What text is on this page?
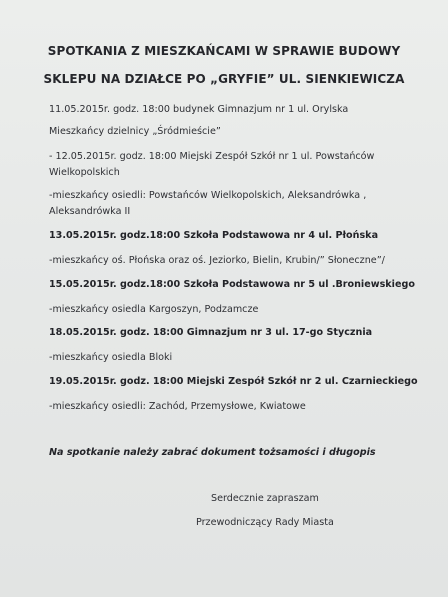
SPOTKANIA Z MIESZKAŃCAMI W SPRAWIE BUDOWY
SKLEPU NA DZIAŁCE PO „GRYFIE” UL. SIENKIEWICZA
11.05.2015r. godz. 18:00 budynek Gimnazjum nr 1 ul. Orylska
Mieszkańcy dzielnicy „Śródmieście”
- 12.05.2015r. godz. 18:00 Miejski Zespół Szkół nr 1 ul. Powstańców
Wielkopolskich
-mieszkańcy osiedli: Powstańców Wielkopolskich, Aleksandrówka ,
Aleksandrówka II
13.05.2015r. godz.18:00 Szkoła Podstawowa nr 4 ul. Płońska
-mieszkańcy oś. Płońska oraz oś. Jeziorko, Bielin, Krubin/” Słoneczne”/
15.05.2015r. godz.18:00 Szkoła Podstawowa nr 5 ul .Broniewskiego
-mieszkańcy osiedla Kargoszyn, Podzamcze
18.05.2015r. godz. 18:00 Gimnazjum nr 3 ul. 17-go Stycznia
-mieszkańcy osiedla Bloki
19.05.2015r. godz. 18:00 Miejski Zespół Szkół nr 2 ul. Czarnieckiego
-mieszkańcy osiedli: Zachód, Przemysłowe, Kwiatowe
Na spotkanie należy zabrać dokument tożsamości i długopis
Serdecznie zapraszam
Przewodniczący Rady Miasta
